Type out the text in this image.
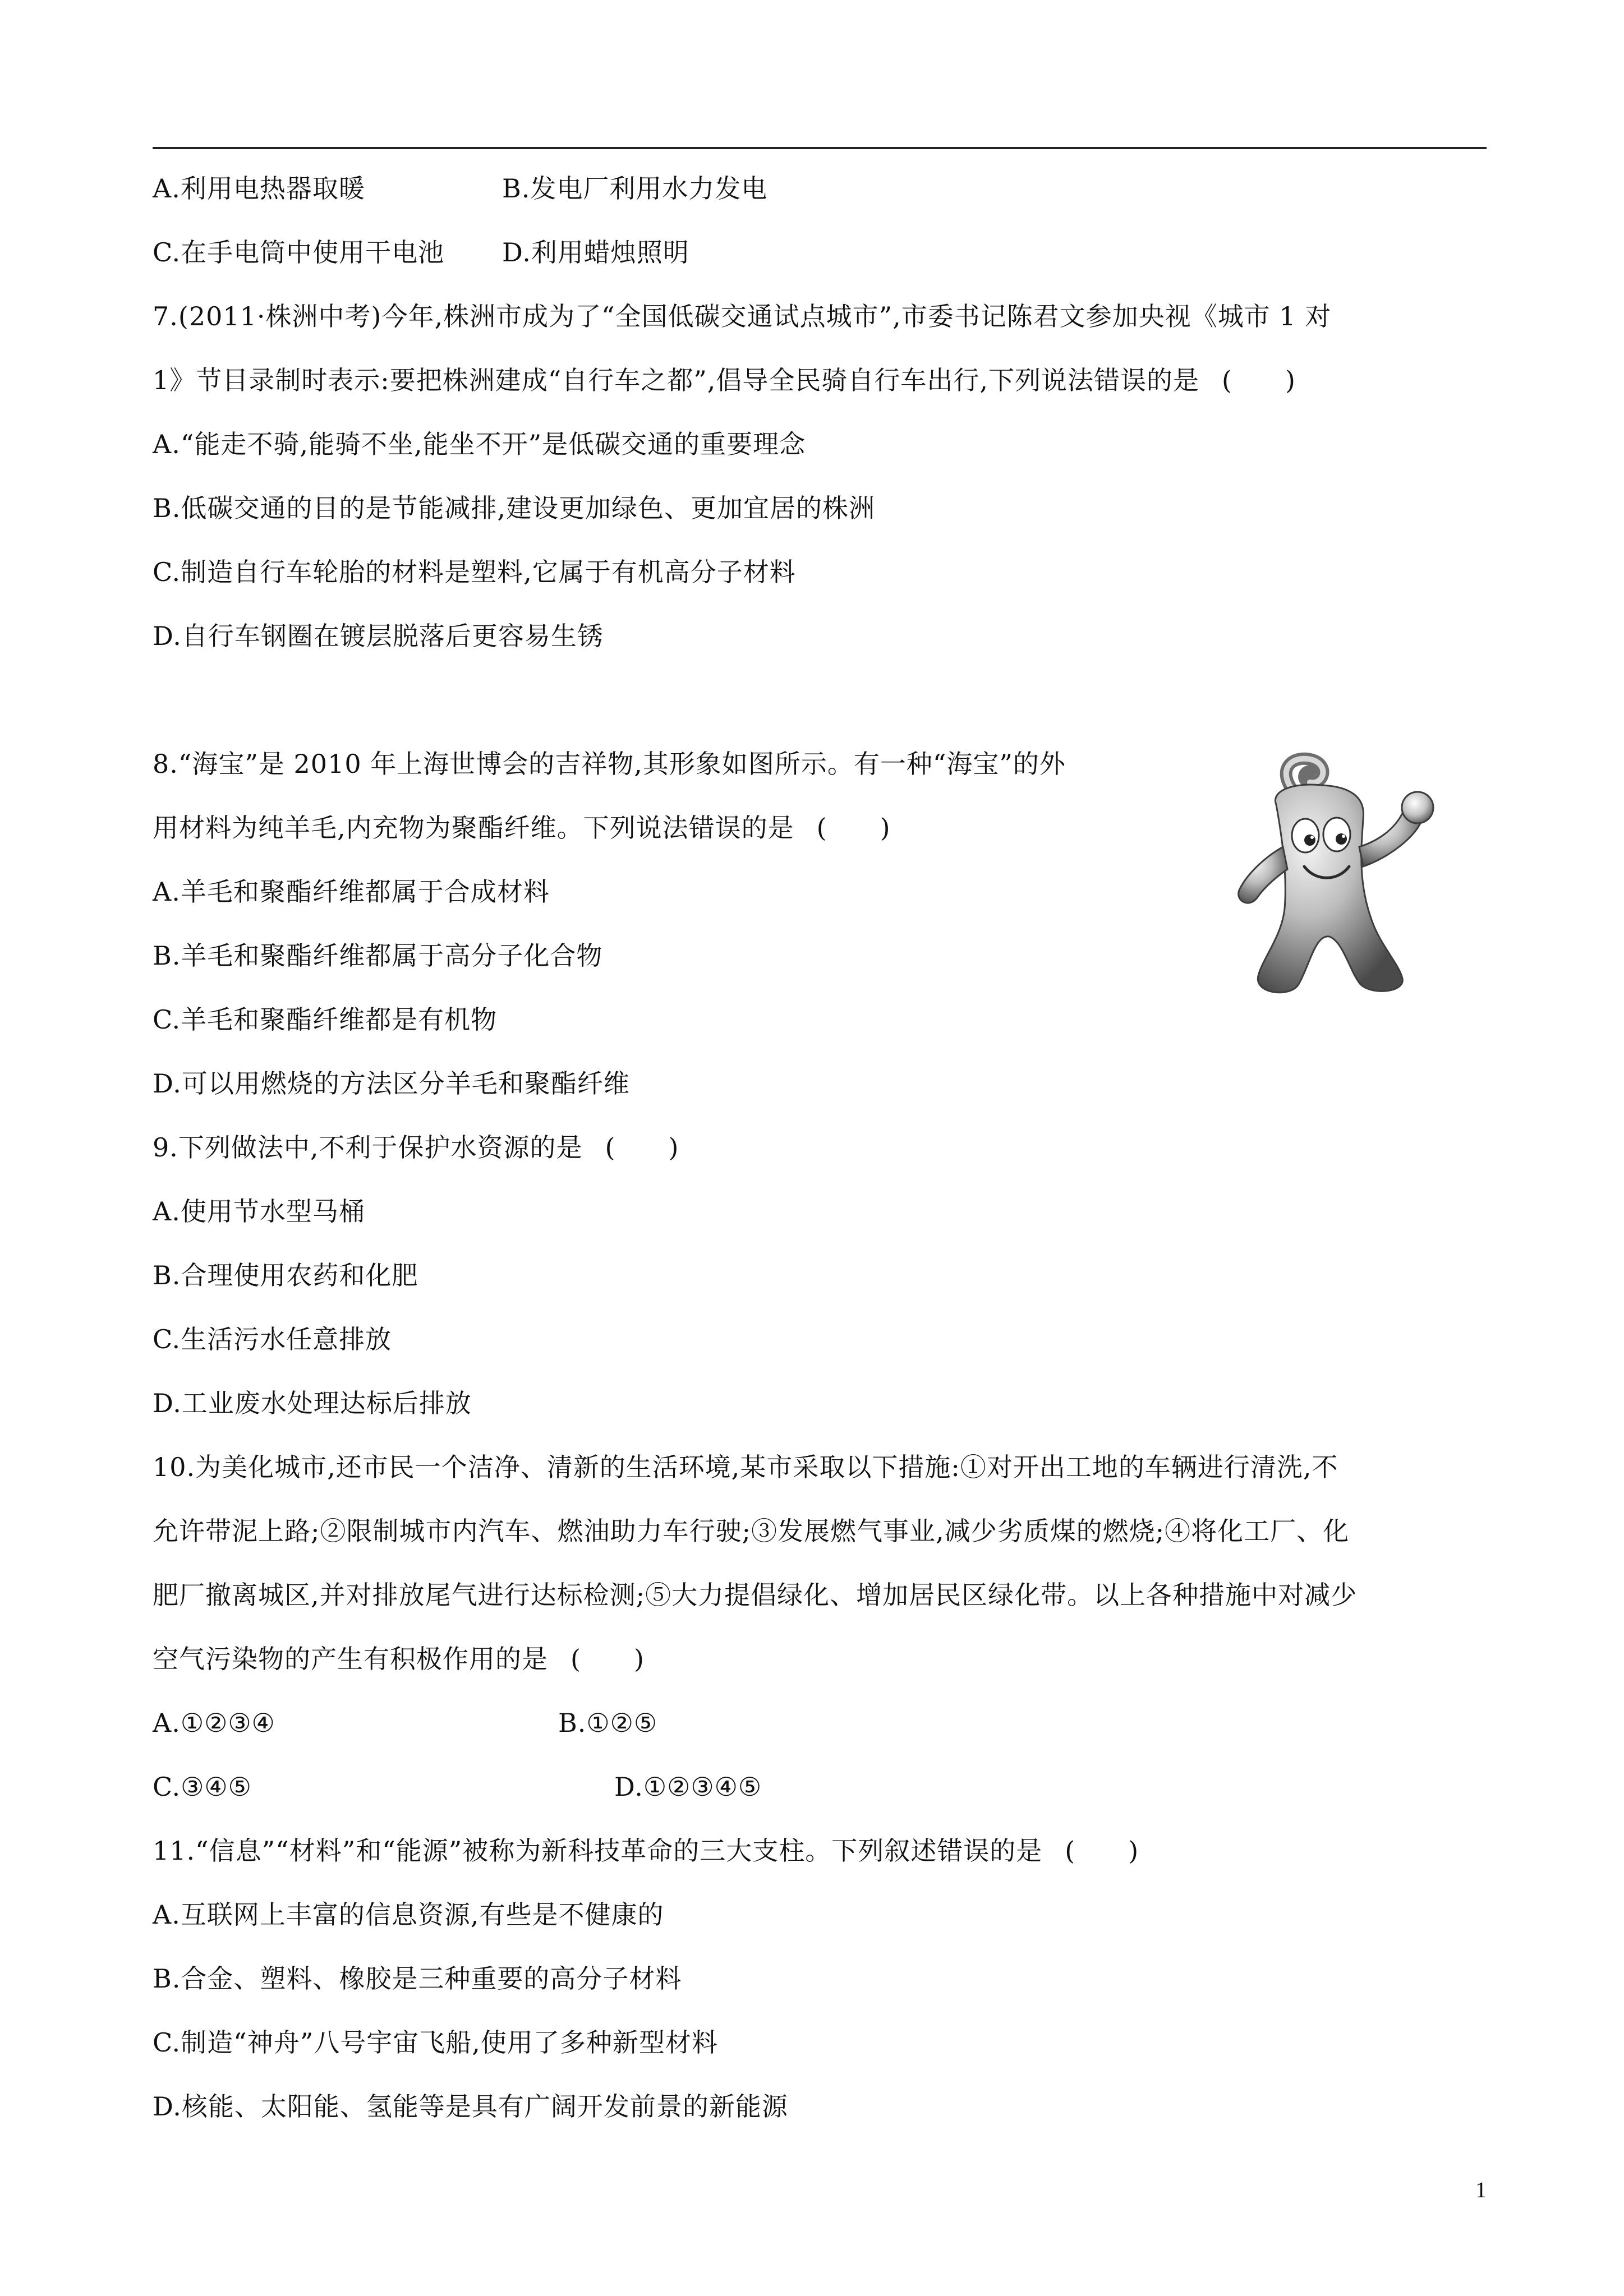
A.利用电热器取暖	B.发电厂利用水力发电
C.在手电筒中使用干电池 D.利用蜡烛照明
7.(2011·株洲中考)今年,株洲市成为了“全国低碳交通试点城市”,市委书记陈君文参加央视《城市 1 对
1》节目录制时表示:要把株洲建成“自行车之都”,倡导全民骑自行车出行,下列说法错误的是 (　　)
A.“能走不骑,能骑不坐,能坐不开”是低碳交通的重要理念
B.低碳交通的目的是节能减排,建设更加绿色、更加宜居的株洲
C.制造自行车轮胎的材料是塑料,它属于有机高分子材料
D.自行车钢圈在镀层脱落后更容易生锈
8.“海宝”是 2010 年上海世博会的吉祥物,其形象如图所示。有一种“海宝”的外
用材料为纯羊毛,内充物为聚酯纤维。下列说法错误的是 (　　)
A.羊毛和聚酯纤维都属于合成材料
B.羊毛和聚酯纤维都属于高分子化合物
C.羊毛和聚酯纤维都是有机物
D.可以用燃烧的方法区分羊毛和聚酯纤维
9.下列做法中,不利于保护水资源的是 (　　)
A.使用节水型马桶
B.合理使用农药和化肥
C.生活污水任意排放
D.工业废水处理达标后排放
10.为美化城市,还市民一个洁净、清新的生活环境,某市采取以下措施:①对开出工地的车辆进行清洗,不
允许带泥上路;②限制城市内汽车、燃油助力车行驶;③发展燃气事业,减少劣质煤的燃烧;④将化工厂、化
肥厂撤离城区,并对排放尾气进行达标检测;⑤大力提倡绿化、增加居民区绿化带。以上各种措施中对减少
空气污染物的产生有积极作用的是 (　　)
A.①②③④	B.①②⑤
C.③④⑤	D.①②③④⑤
11.“信息”“材料”和“能源”被称为新科技革命的三大支柱。下列叙述错误的是 (　　)
A.互联网上丰富的信息资源,有些是不健康的
B.合金、塑料、橡胶是三种重要的高分子材料
C.制造“神舟”八号宇宙飞船,使用了多种新型材料
D.核能、太阳能、氢能等是具有广阔开发前景的新能源
1
